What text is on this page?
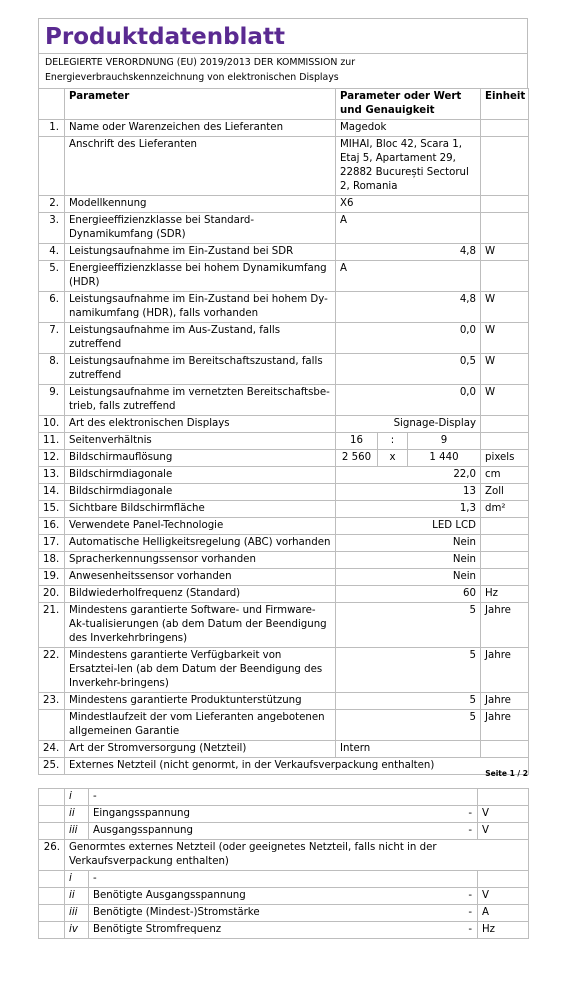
Produktdatenblatt
DELEGIERTE VERORDNUNG (EU) 2019/2013 DER KOMMISSION zur
Energieverbrauchskennzeichnung von elektronischen Displays
	Parameter	Parameter oder Wert und Genauigkeit			Einheit
1.	Name oder Warenzeichen des Lieferanten	Magedok			
	Anschrift des Lieferanten	MIHAI, Bloc 42, Scara 1, Etaj 5, Apartament 29, 22882 București Sectorul 2, Romania			
2.	Modellkennung	X6			
3.	Energieeffizienzklasse bei Standard-Dynamikumfang (SDR)	A			
4.	Leistungsaufnahme im Ein-Zustand bei SDR	4,8			W
5.	Energieeffizienzklasse bei hohem Dynamikumfang (HDR)	A			
6.	Leistungsaufnahme im Ein-Zustand bei hohem Dy-namikumfang (HDR), falls vorhanden	4,8			W
7.	Leistungsaufnahme im Aus-Zustand, falls zutreffend	0,0			W
8.	Leistungsaufnahme im Bereitschaftszustand, falls zutreffend	0,5			W
9.	Leistungsaufnahme im vernetzten Bereitschaftsbe-trieb, falls zutreffend	0,0			W
10.	Art des elektronischen Displays	Signage-Display			
11.	Seitenverhältnis	16	:	9	
12.	Bildschirmauflösung	2 560	x	1 440	pixels
13.	Bildschirmdiagonale	22,0			cm
14.	Bildschirmdiagonale	13			Zoll
15.	Sichtbare Bildschirmfläche	1,3			dm²
16.	Verwendete Panel-Technologie	LED LCD			
17.	Automatische Helligkeitsregelung (ABC) vorhanden	Nein			
18.	Spracherkennungssensor vorhanden	Nein			
19.	Anwesenheitssensor vorhanden	Nein			
20.	Bildwiederholfrequenz (Standard)	60			Hz
21.	Mindestens garantierte Software- und Firmware-Ak-tualisierungen (ab dem Datum der Beendigung des Inverkehrbringens)	5			Jahre
22.	Mindestens garantierte Verfügbarkeit von Ersatztei-len (ab dem Datum der Beendigung des Inverkehr-bringens)	5			Jahre
23.	Mindestens garantierte Produktunterstützung	5			Jahre
	Mindestlaufzeit der vom Lieferanten angebotenen allgemeinen Garantie	5			Jahre
24.	Art der Stromversorgung (Netzteil)	Intern			
25.	Externes Netzteil (nicht genormt, in der Verkaufsverpackung enthalten)				
Seite 1 / 2
	i	-	
	ii	Eingangsspannung -	V
	iii	Ausgangsspannung -	V
26.	Genormtes externes Netzteil (oder geeignetes Netzteil, falls nicht in der Verkaufsverpackung enthalten)		
	i	-	
	ii	Benötigte Ausgangsspannung -	V
	iii	Benötigte (Mindest-)Stromstärke -	A
	iv	Benötigte Stromfrequenz -	Hz
